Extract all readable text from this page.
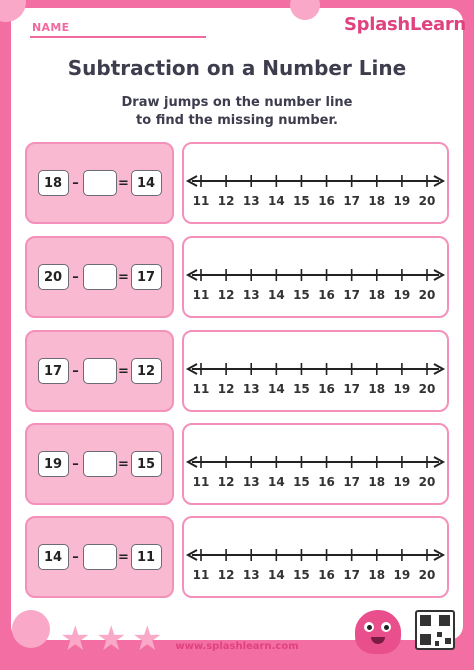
★ ★ ★
NAME	SplashLearn
Subtraction on a Number Line
Draw jumps on the number line
to find the missing number.
18 –	= 14
11 12 13 14 15 16 17 18 19 20
20 –	= 17
11 12 13 14 15 16 17 18 19 20
17 –	= 12
11 12 13 14 15 16 17 18 19 20
19 –	= 15
11 12 13 14 15 16 17 18 19 20
14 –	= 11
11 12 13 14 15 16 17 18 19 20
www.splashlearn.com
